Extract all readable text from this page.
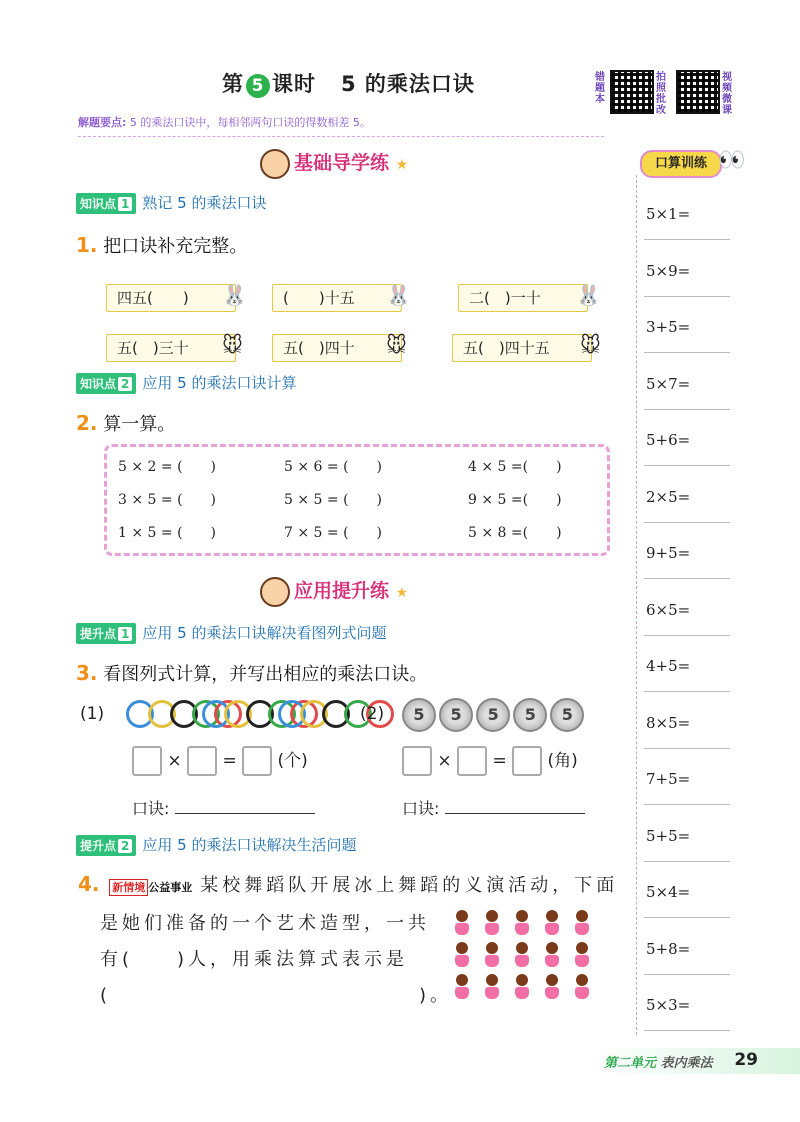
第 5 课时 5 的乘法口诀	错题本
拍照批改
视频微课
解题要点: 5 的乘法口诀中，每相邻两句口诀的得数相差 5。
基础导学练 ★
知识点 1 熟记 5 的乘法口诀
1. 把口诀补充完整。
四五(　　)	🐰	(　　)十五	🐰	二(　)一十	🐰
五(　)三十	🐭	五(　)四十	🐭	五(　)四十五	🐭
知识点 2 应用 5 的乘法口诀计算
2. 算一算。
5 × 2 = (　　)	5 × 6 = (　　)	4 × 5 =(　　)
3 × 5 = (　　)	5 × 5 = (　　)	9 × 5 =(　　)
1 × 5 = (　　)	7 × 5 = (　　)	5 × 8 =(　　)
应用提升练 ★
提升点 1 应用 5 的乘法口诀解决看图列式问题
3. 看图列式计算，并写出相应的乘法口诀。
(1)	(2)	5 5 5 5 5
× = (个)	× = (角)
口诀:	口诀:
提升点 2 应用 5 的乘法口诀解决生活问题
4. 新情境 公益事业 某校舞蹈队开展冰上舞蹈的义演活动，下面
是她们准备的一个艺术造型，一共
有(　　)人，用乘法算式表示是
(　　　　　　　　　　　　　　)。
口算训练 👀
5×1=
5×9=
3+5=
5×7=
5+6=
2×5=
9+5=
6×5=
4+5=
8×5=
7+5=
5+5=
5×4=
5+8=
5×3=
第二单元 表内乘法 29
